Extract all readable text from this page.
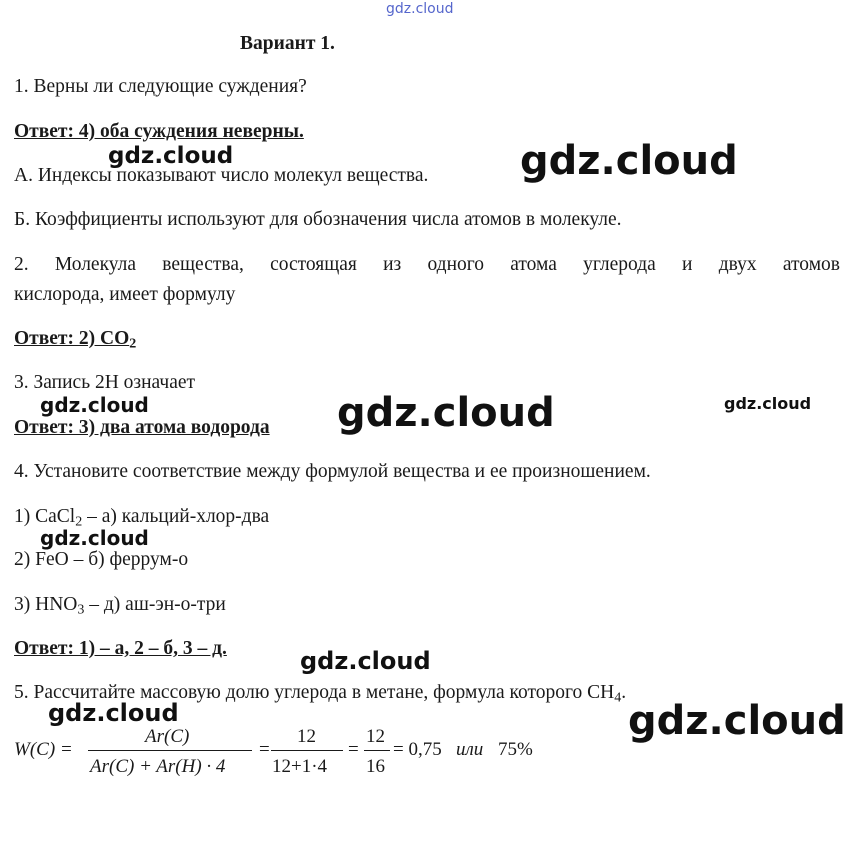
gdz.cloud
Вариант 1.
1. Верны ли следующие суждения?
Ответ: 4) оба суждения неверны.
А. Индексы показывают число молекул вещества.
Б. Коэффициенты используют для обозначения числа атомов в молекуле.
2. Молекула вещества, состоящая из одного атома углерода и двух атомов
кислорода, имеет формулу
Ответ: 2) $CO_2$
3. Запись 2Н означает
Ответ: 3) два атома водорода
4. Установите соответствие между формулой вещества и ее произношением.
1) CaCl$_2$ – а) кальций-хлор-два
2) FeO – б) феррум-о
3) $HNO_3 - д$) аш-эн-о-три
Ответ: 1) – а, 2 – б, 3 – д.
5. Рассчитайте массовую долю углерода в метане, формула которого $CH_4$.
W(C) =
Ar(C)
Ar(C) + Ar(H) · 4
=
12
12+1·4
=
12
16
= 0,75 или 75%
gdz.cloud	gdz.cloud
gdz.cloud	gdz.cloud	gdz.cloud
gdz.cloud
gdz.cloud
gdz.cloud	gdz.cloud
